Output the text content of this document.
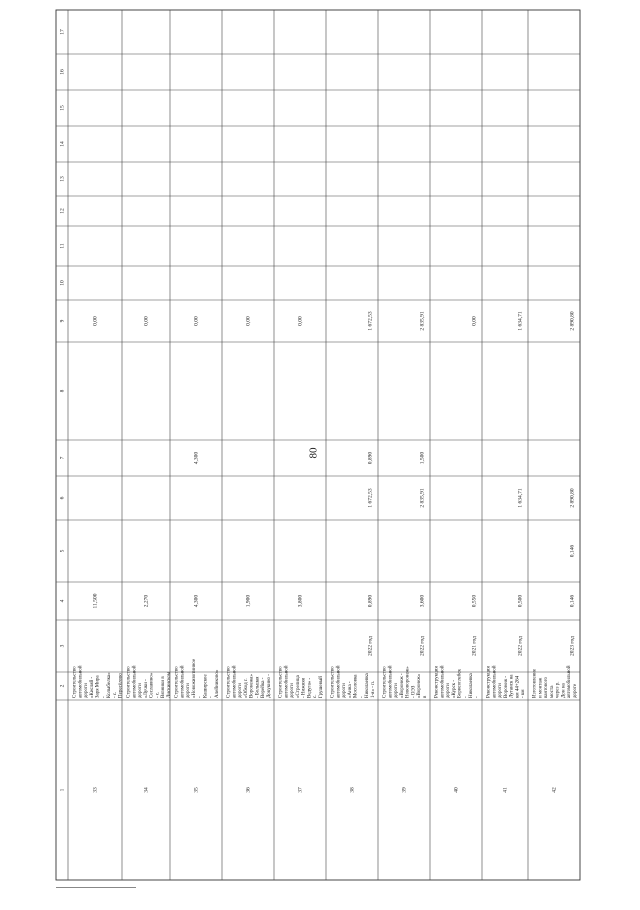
80
1
2
3
4
5
6
7
8
9
10
11
12
13
14
15
16
17
33
Строительство автомобильной дороги «Кисляй - Заря Мира - Колыбелка» - с. Пересёлово
11,500
0,00
34
Строительство автомобильной дороги «Лучки - Сеславино» - с. Вязники в Лискинском
2,270
0,00
35
Строительство автомобильной дороги «Новоживотинное - Каширское - Алейниково»
4,300
4,300
0,00
36
Строительство автомобильной дороги «Обход г. Воронежа» - Большая Верейка - Докукино -
1,900
0,00
37
Строительство автомобильной дороги «Стрелица - Нижняя Ведуга» - с. Грушевый
3,800
0,00
38
Строительство автомобильной дороги «Анна - Мосоловка - Николаевка 1-я» - п.
2022 год
0,890
1 672,53
0,890
1 672,53
39
Строительство автомобильной дороги «Воронеж - Нововоронеж» - ОЭЗ «Воронеж» в
2022 год
3,600
2 835,91
1,500
2 835,91
40
Реконструкция автомобильной дороги «Курск - Борисоглебск - Николаевка -
2021 год
0,550
0,00
41
Реконструкция автомобильной дороги Воронеж - Луганск на км 44+264 - км
2022 год
0,500
1 634,71
1 634,71
42
Изготовление и монтаж вантового моста через р. Дон на автомобильной дороге
2023 год
0,146
0,146
2 890,80
2 890,80
